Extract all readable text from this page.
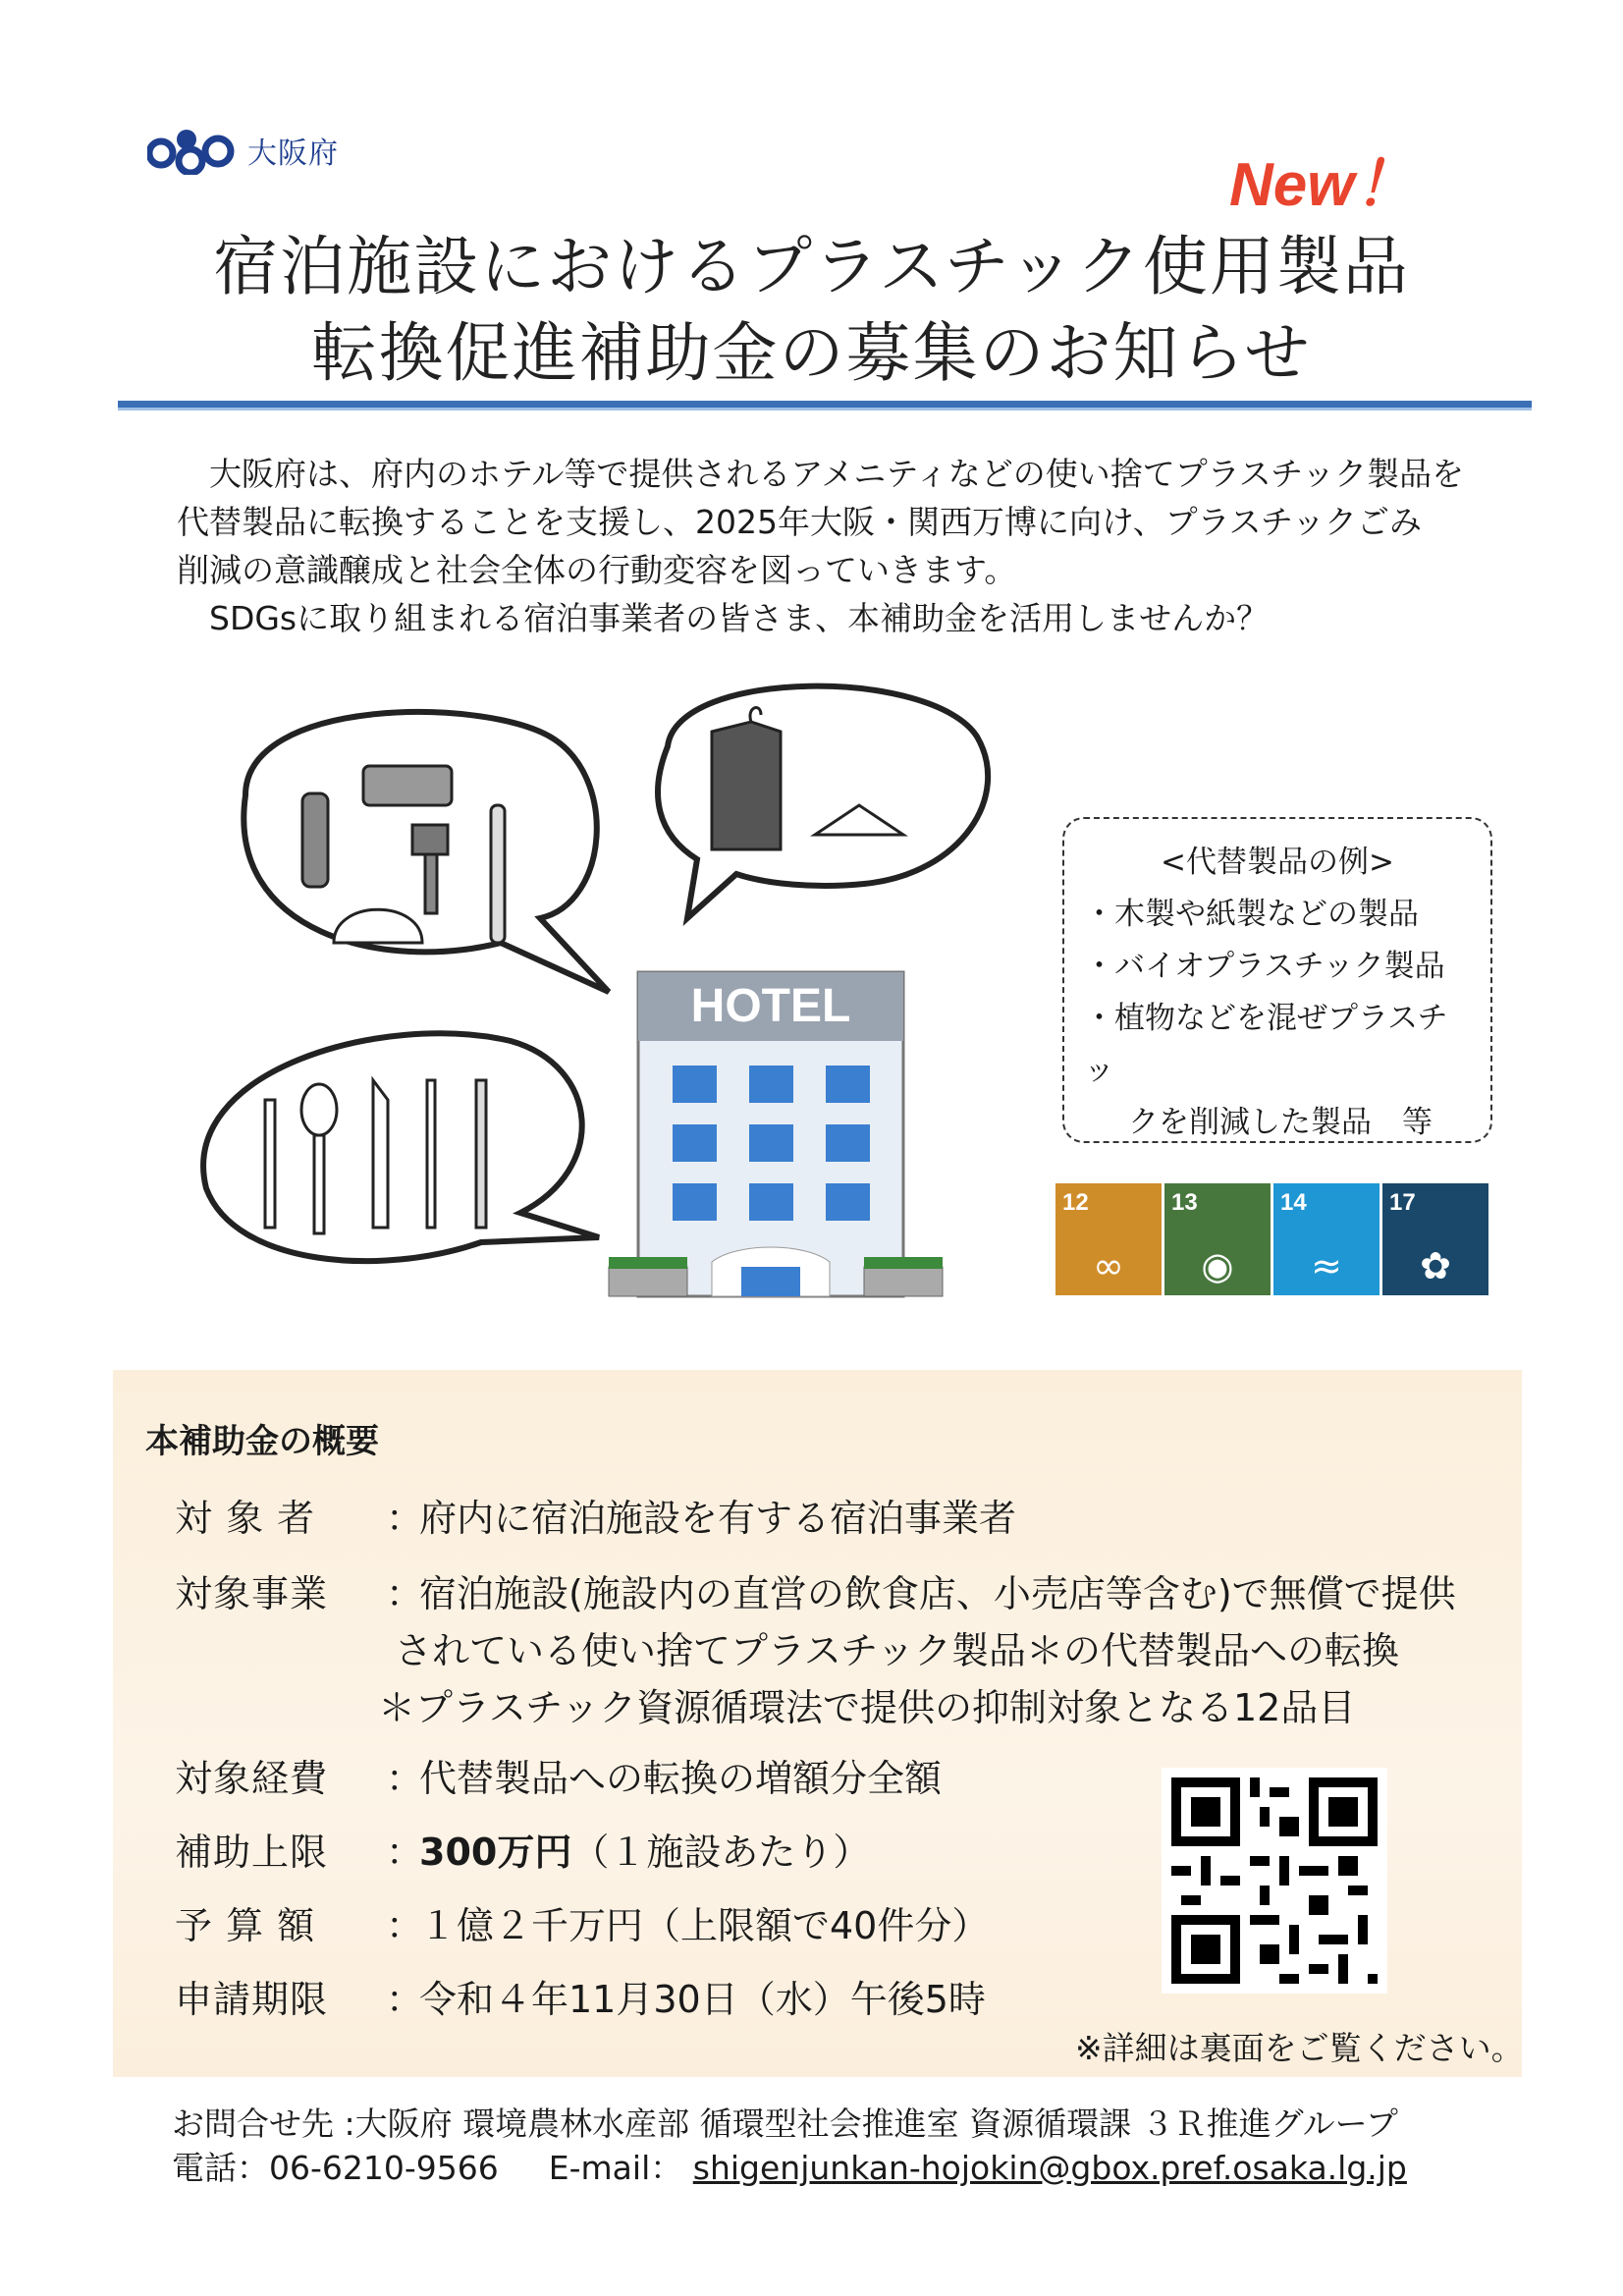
大阪府	New！
宿泊施設におけるプラスチック使用製品
転換促進補助金の募集のお知らせ

大阪府は、府内のホテル等で提供されるアメニティなどの使い捨てプラスチック製品を

代替製品に転換することを支援し、2025年大阪・関西万博に向け、プラスチックごみ

削減の意識醸成と社会全体の行動変容を図っていきます。

SDGsに取り組まれる宿泊事業者の皆さま、本補助金を活用しませんか？

HOTEL
<代替製品の例>
・木製や紙製などの製品
・バイオプラスチック製品
・植物などを混ぜプラスチッ
クを削減した製品　等
12
∞
13
◉
14
≈
17
✿
本補助金の概要
対 象 者	：
府内に宿泊施設を有する宿泊事業者
対象事業	：
宿泊施設(施設内の直営の飲食店、小売店等含む)で無償で提供
されている使い捨てプラスチック製品＊の代替製品への転換
＊プラスチック資源循環法で提供の抑制対象となる12品目
対象経費	：
代替製品への転換の増額分全額
補助上限	：
300万円 （１施設あたり）
予 算 額	：
１億２千万円（上限額で40件分）
申請期限	：
令和４年11月30日（水）午後5時
※詳細は裏面をご覧ください。
お問合せ先 :大阪府 環境農林水産部 循環型社会推進室 資源循環課 ３Ｒ推進グループ
電話：06-6210-9566 E-mail： shigenjunkan-hojokin@gbox.pref.osaka.lg.jp
